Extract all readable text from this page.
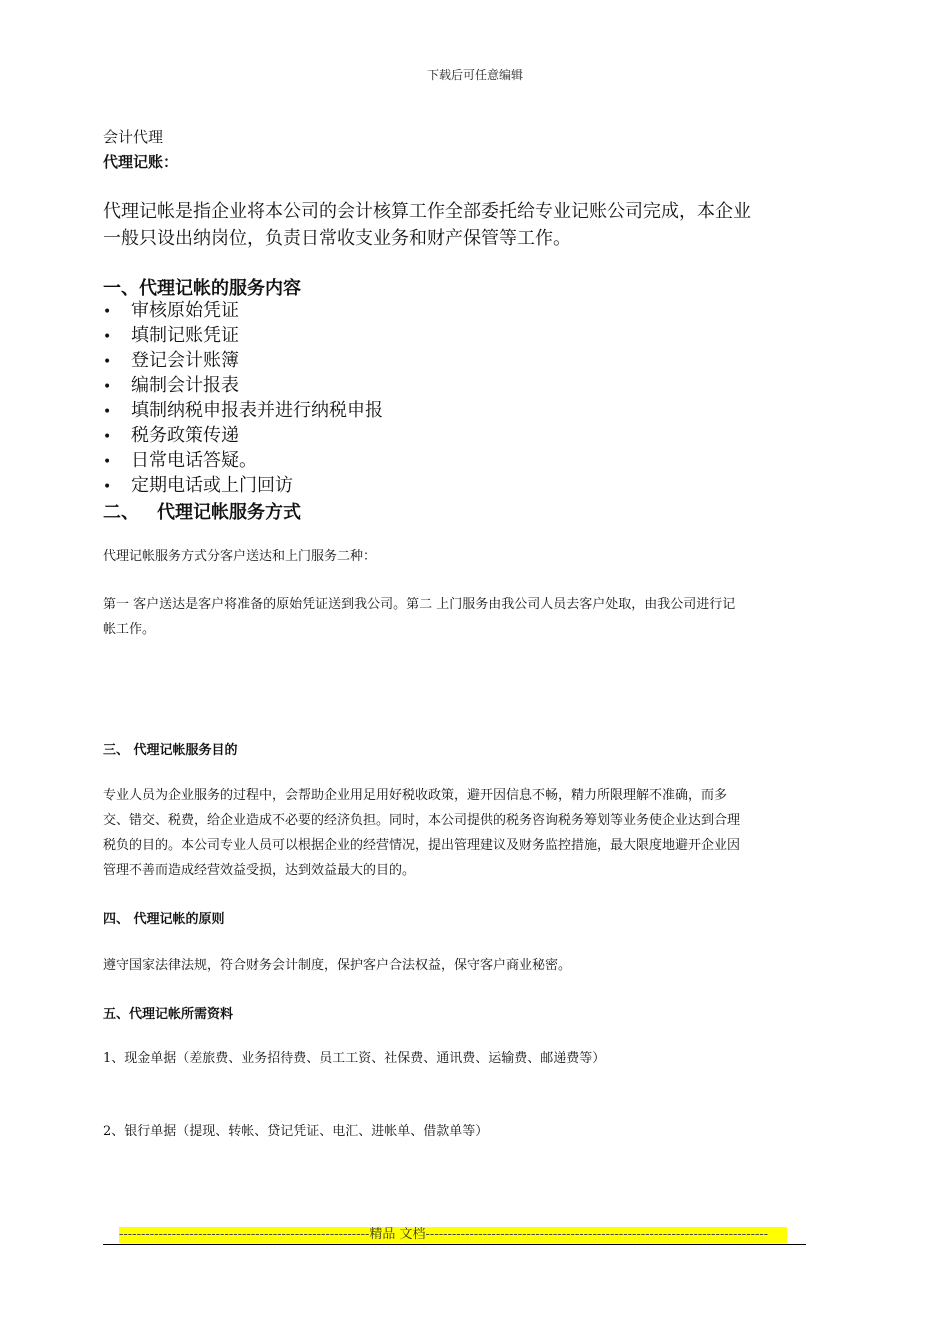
下载后可任意编辑
会计代理
代理记账：
代理记帐是指企业将本公司的会计核算工作全部委托给专业记账公司完成，本企业
一般只设出纳岗位，负责日常收支业务和财产保管等工作。
一、代理记帐的服务内容
• 审核原始凭证
• 填制记账凭证
• 登记会计账簿
• 编制会计报表
• 填制纳税申报表并进行纳税申报
• 税务政策传递
• 日常电话答疑。
• 定期电话或上门回访
二、 代理记帐服务方式
代理记帐服务方式分客户送达和上门服务二种：
第一 客户送达是客户将准备的原始凭证送到我公司。第二 上门服务由我公司人员去客户处取，由我公司进行记
帐工作。
三、 代理记帐服务目的
专业人员为企业服务的过程中，会帮助企业用足用好税收政策，避开因信息不畅，精力所限理解不准确，而多
交、错交、税费，给企业造成不必要的经济负担。同时，本公司提供的税务咨询税务筹划等业务使企业达到合理
税负的目的。本公司专业人员可以根据企业的经营情况，提出管理建议及财务监控措施，最大限度地避开企业因
管理不善而造成经营效益受损，达到效益最大的目的。
四、 代理记帐的原则
遵守国家法律法规，符合财务会计制度，保护客户合法权益，保守客户商业秘密。
五、代理记帐所需资料
1、现金单据（差旅费、业务招待费、员工工资、社保费、通讯费、运输费、邮递费等）
2、银行单据（提现、转帐、贷记凭证、电汇、进帐单、借款单等）
---------------------------------------------------------精品 文档------------------------------------------------------------------------------
